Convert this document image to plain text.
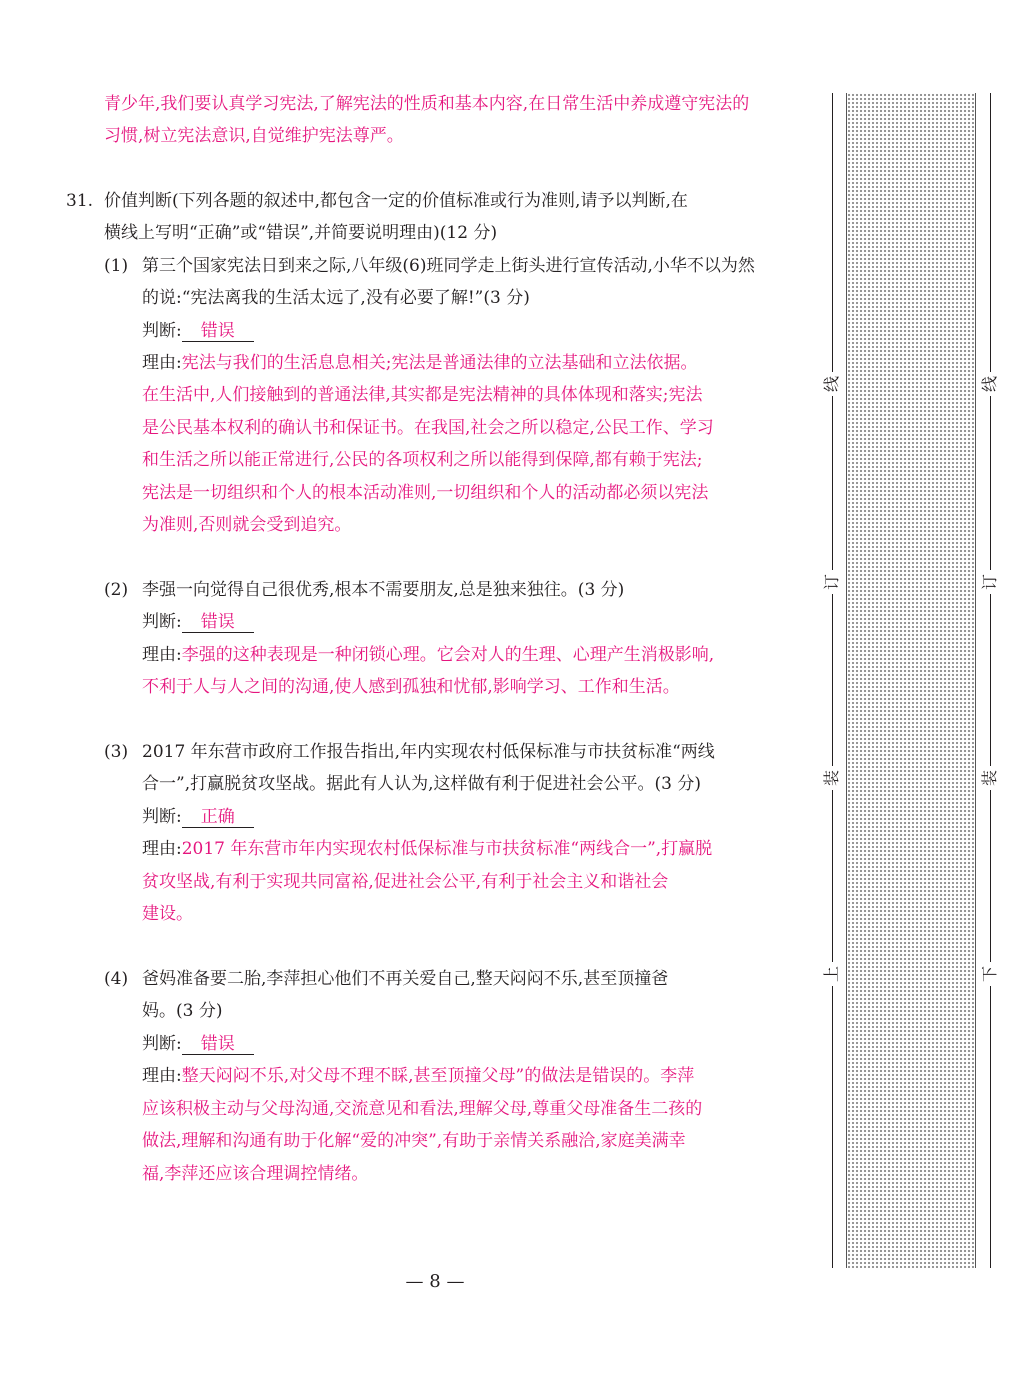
青少年,我们要认真学习宪法,了解宪法的性质和基本内容,在日常生活中养成遵守宪法的
习惯,树立宪法意识,自觉维护宪法尊严。
31. 价值判断(下列各题的叙述中,都包含一定的价值标准或行为准则,请予以判断,在
横线上写明“正确”或“错误”,并简要说明理由)(12 分)
(1) 第三个国家宪法日到来之际,八年级(6)班同学走上街头进行宣传活动,小华不以为然
的说:“宪法离我的生活太远了,没有必要了解!”(3 分)
判断: 错误
理由:宪法与我们的生活息息相关;宪法是普通法律的立法基础和立法依据。
在生活中,人们接触到的普通法律,其实都是宪法精神的具体体现和落实;宪法
是公民基本权利的确认书和保证书。在我国,社会之所以稳定,公民工作、学习
和生活之所以能正常进行,公民的各项权利之所以能得到保障,都有赖于宪法;
宪法是一切组织和个人的根本活动准则,一切组织和个人的活动都必须以宪法
为准则,否则就会受到追究。
(2) 李强一向觉得自己很优秀,根本不需要朋友,总是独来独往。(3 分)
判断: 错误
理由:李强的这种表现是一种闭锁心理。它会对人的生理、心理产生消极影响,
不利于人与人之间的沟通,使人感到孤独和忧郁,影响学习、工作和生活。
(3) 2017 年东营市政府工作报告指出,年内实现农村低保标准与市扶贫标准“两线
合一”,打赢脱贫攻坚战。据此有人认为,这样做有利于促进社会公平。(3 分)
判断: 正确
理由:2017 年东营市年内实现农村低保标准与市扶贫标准“两线合一”,打赢脱
贫攻坚战,有利于实现共同富裕,促进社会公平,有利于社会主义和谐社会
建设。
(4) 爸妈准备要二胎,李萍担心他们不再关爱自己,整天闷闷不乐,甚至顶撞爸
妈。(3 分)
判断: 错误
理由:整天闷闷不乐,对父母不理不睬,甚至顶撞父母”的做法是错误的。李萍
应该积极主动与父母沟通,交流意见和看法,理解父母,尊重父母准备生二孩的
做法,理解和沟通有助于化解“爱的冲突”,有助于亲情关系融洽,家庭美满幸
福,李萍还应该合理调控情绪。
— 8 —
线
订
装
上
线
订
装
下
